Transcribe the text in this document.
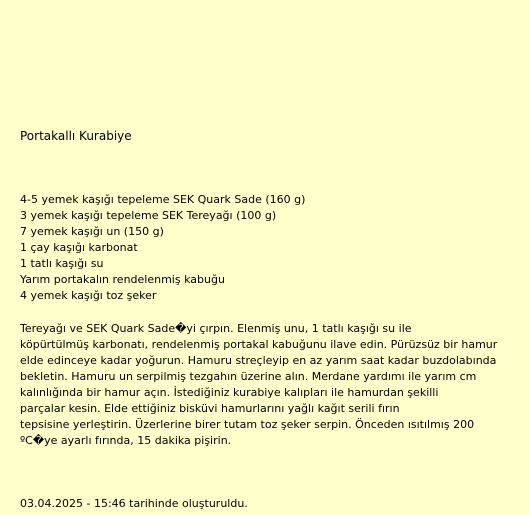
Portakallı Kurabiye
4-5 yemek kaşığı tepeleme SEK Quark Sade (160 g)
3 yemek kaşığı tepeleme SEK Tereyağı (100 g)
7 yemek kaşığı un (150 g)
1 çay kaşığı karbonat
1 tatlı kaşığı su
Yarım portakalın rendelenmiş kabuğu
4 yemek kaşığı toz şeker

Tereyağı ve SEK Quark Sade�yi çırpın. Elenmiş unu, 1 tatlı kaşığı su ile
köpürtülmüş karbonatı, rendelenmiş portakal kabuğunu ilave edin. Pürüzsüz bir hamur
elde edinceye kadar yoğurun. Hamuru streçleyip en az yarım saat kadar buzdolabında
bekletin. Hamuru un serpilmiş tezgahın üzerine alın. Merdane yardımı ile yarım cm
kalınlığında bir hamur açın. İstediğiniz kurabiye kalıpları ile hamurdan şekilli
parçalar kesin. Elde ettiğiniz bisküvi hamurlarını yağlı kağıt serili fırın
tepsisine yerleştirin. Üzerlerine birer tutam toz şeker serpin. Önceden ısıtılmış 200
ºC�ye ayarlı fırında, 15 dakika pişirin.

03.04.2025 - 15:46 tarihinde oluşturuldu.
